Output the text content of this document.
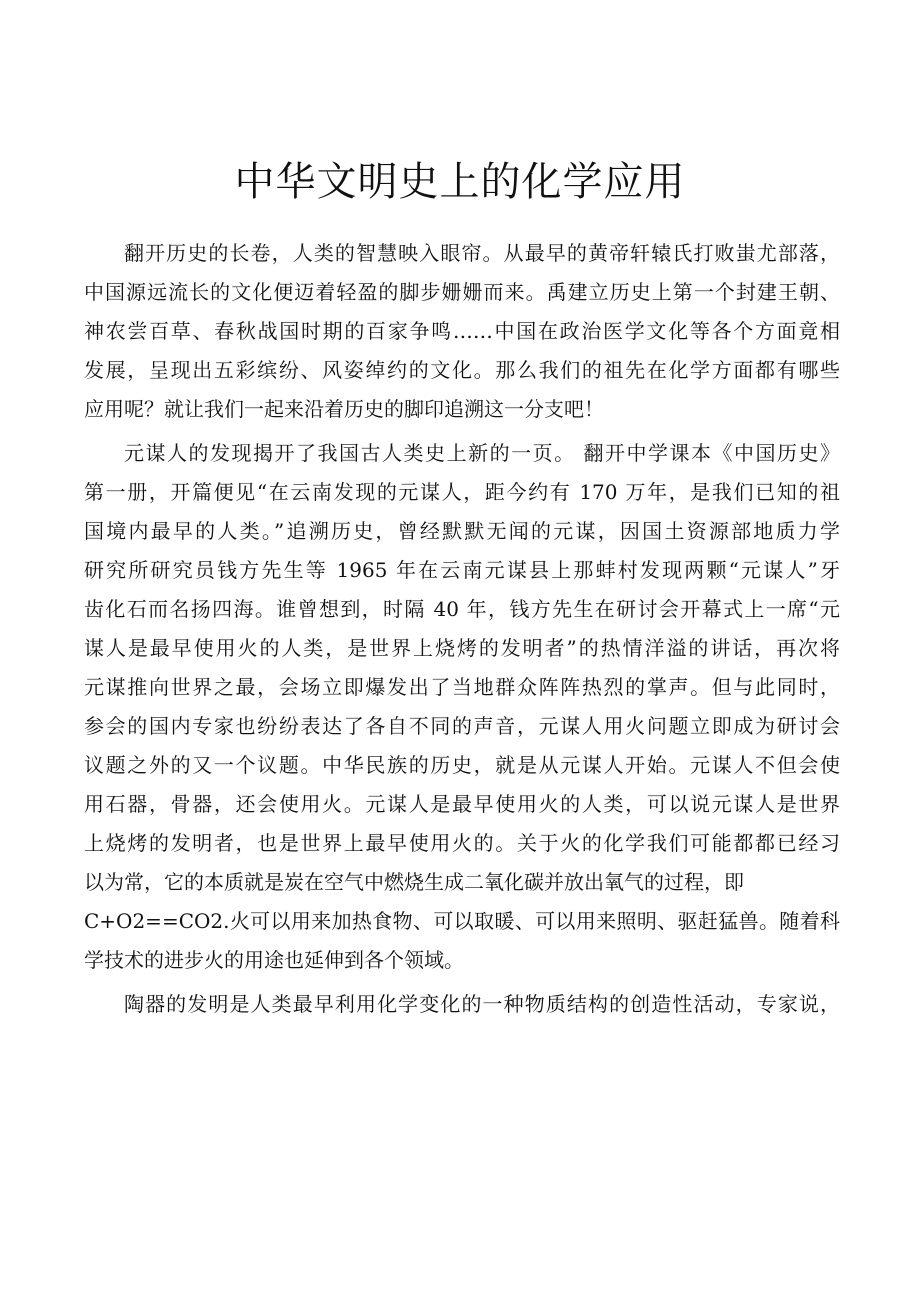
中华文明史上的化学应用
翻开历史的长卷，人类的智慧映入眼帘。从最早的黄帝轩辕氏打败蚩尤部落，
中国源远流长的文化便迈着轻盈的脚步姗姗而来。禹建立历史上第一个封建王朝、
神农尝百草、春秋战国时期的百家争鸣……中国在政治医学文化等各个方面竟相
发展，呈现出五彩缤纷、风姿绰约的文化。那么我们的祖先在化学方面都有哪些
应用呢？就让我们一起来沿着历史的脚印追溯这一分支吧！
元谋人的发现揭开了我国古人类史上新的一页。 翻开中学课本《中国历史》
第一册，开篇便见“在云南发现的元谋人，距今约有 170 万年，是我们已知的祖
国境内最早的人类。”追溯历史，曾经默默无闻的元谋，因国土资源部地质力学
研究所研究员钱方先生等 1965 年在云南元谋县上那蚌村发现两颗“元谋人”牙
齿化石而名扬四海。谁曾想到，时隔 40 年，钱方先生在研讨会开幕式上一席“元
谋人是最早使用火的人类，是世界上烧烤的发明者”的热情洋溢的讲话，再次将
元谋推向世界之最，会场立即爆发出了当地群众阵阵热烈的掌声。但与此同时，
参会的国内专家也纷纷表达了各自不同的声音，元谋人用火问题立即成为研讨会
议题之外的又一个议题。中华民族的历史，就是从元谋人开始。元谋人不但会使
用石器，骨器，还会使用火。元谋人是最早使用火的人类，可以说元谋人是世界
上烧烤的发明者，也是世界上最早使用火的。关于火的化学我们可能都都已经习
以为常，它的本质就是炭在空气中燃烧生成二氧化碳并放出氧气的过程，即
C+O2==CO2.火可以用来加热食物、可以取暖、可以用来照明、驱赶猛兽。随着科
学技术的进步火的用途也延伸到各个领域。
陶器的发明是人类最早利用化学变化的一种物质结构的创造性活动，专家说，
